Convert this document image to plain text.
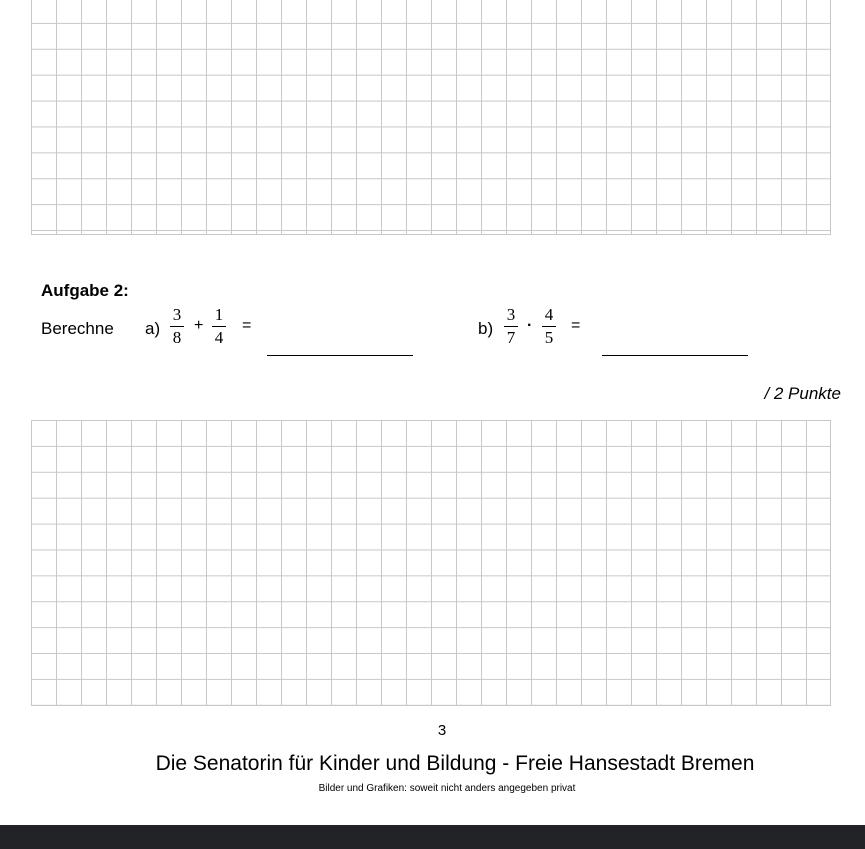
Aufgabe 2:
Berechne $a) \frac{3}{8} + \frac{1}{4}$ =	$b) \frac{3}{7} \cdot \frac{4}{5}$ =
/ 2 Punkte
3
Die Senatorin für Kinder und Bildung - Freie Hansestadt Bremen
Bilder und Grafiken: soweit nicht anders angegeben privat
